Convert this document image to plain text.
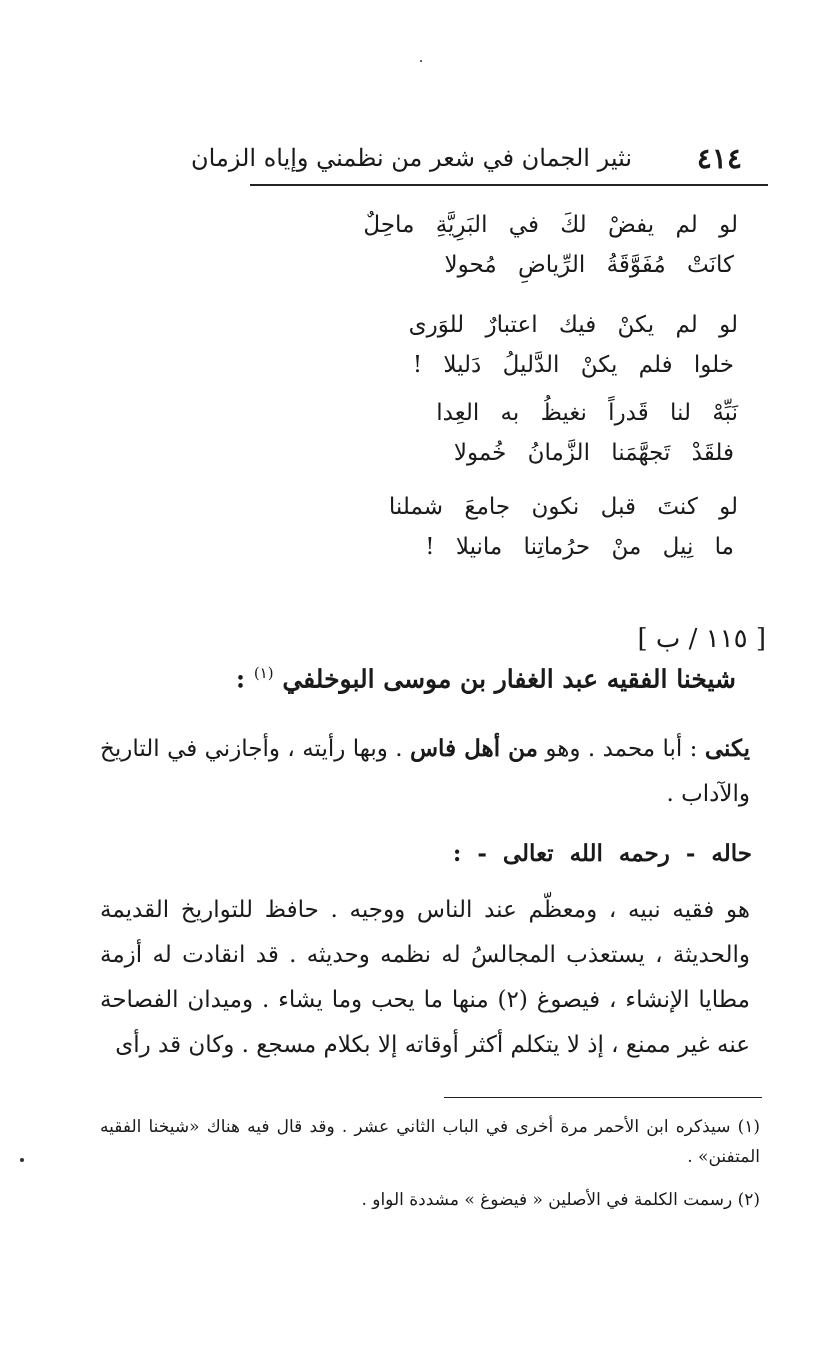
٤١٤
نثير الجمان في شعر من نظمني وإياه الزمان
لو لم يفضْ لكَ في البَرِيَّةِ ماحِلٌ
كانَتْ مُفَوَّقَةُ الرِّياضِ مُحولا
لو لم يكنْ فيك اعتبارٌ للوَرى
خلوا فلم يكنْ الدَّليلُ دَليلا !
نَبِّهْ لنا قَدراً نغيظُ به العِدا
فلقَدْ تَجهَّمَنا الزَّمانُ خُمولا
لو كنتَ قبل نكون جامعَ شملنا
ما نِيل منْ حرُماتِنا مانيلا !
[ ١١٥ / ب ]
شيخنا الفقيه عبد الغفار بن موسى البوخلفي $^{(١)}$ :
يكنى : أبا محمد . وهو من أهل فاس . وبها رأيته ، وأجازني في التاريخ والآداب .
حاله - رحمه الله تعالى - :
هو فقيه نبيه ، ومعظّم عند الناس ووجيه . حافظ للتواريخ القديمة والحديثة ، يستعذب المجالسُ له نظمه وحديثه . قد انقادت له أزمة مطايا الإنشاء ، فيصوغ (٢) منها ما يحب وما يشاء . وميدان الفصاحة عنه غير ممنع ، إذ لا يتكلم أكثر أوقاته إلا بكلام مسجع . وكان قد رأى
(١) سيذكره ابن الأحمر مرة أخرى في الباب الثاني عشر . وقد قال فيه هناك «شيخنا الفقيه المتفنن» .
(٢) رسمت الكلمة في الأصلين « فيضوغ » مشددة الواو .
